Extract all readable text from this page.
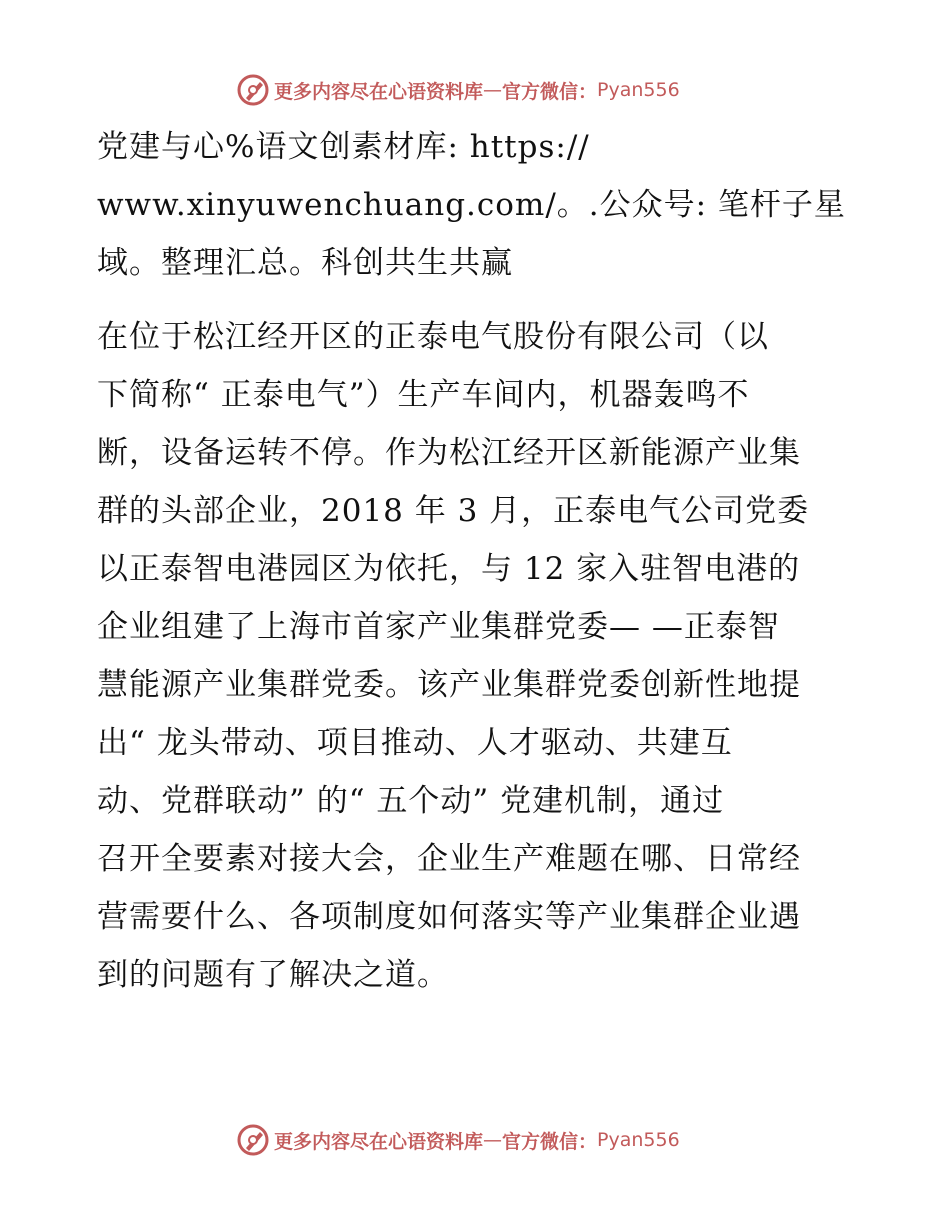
更多内容尽在心语资料库 — 官方微信： Pyan556
党建与心%语文创素材库: https://
www.xinyuwenchuang.com/。.公众号: 笔杆子星
域。整理汇总。科创共生共赢
在位于松江经开区的正泰电气股份有限公司（以
下简称“ 正泰电气”）生产车间内，机器轰鸣不
断，设备运转不停。作为松江经开区新能源产业集
群的头部企业，2018 年 3 月，正泰电气公司党委
以正泰智电港园区为依托，与 12 家入驻智电港的
企业组建了上海市首家产业集群党委— —正泰智
慧能源产业集群党委。该产业集群党委创新性地提
出“ 龙头带动、项目推动、人才驱动、共建互
动、党群联动” 的“ 五个动” 党建机制，通过
召开全要素对接大会，企业生产难题在哪、日常经
营需要什么、各项制度如何落实等产业集群企业遇
到的问题有了解决之道。
更多内容尽在心语资料库 — 官方微信： Pyan556
